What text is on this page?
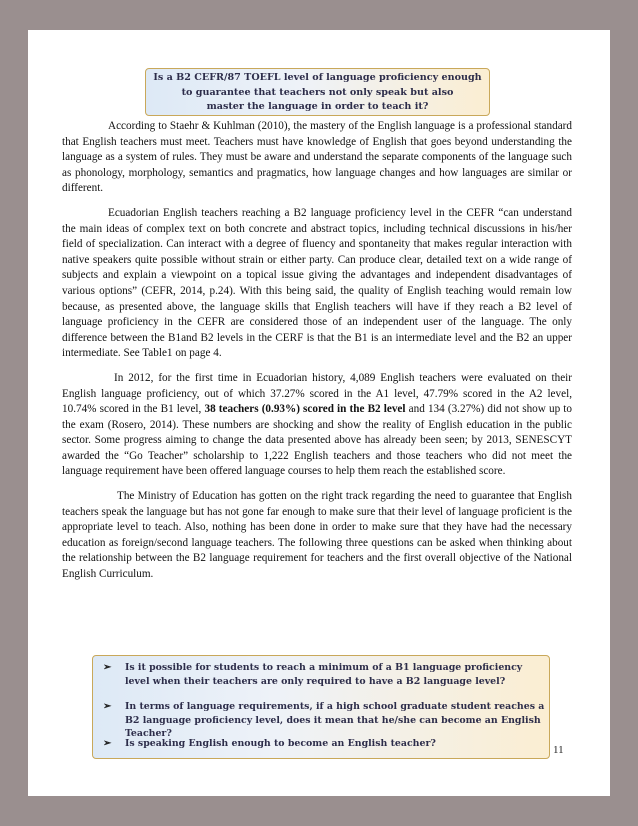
Is a B2 CEFR/87 TOEFL level of language proficiency enough
to guarantee that teachers not only speak but also
master the language in order to teach it?

According to Staehr & Kuhlman (2010), the mastery of the English language is a professional standard that English teachers must meet. Teachers must have knowledge of English that goes beyond understanding the language as a system of rules. They must be aware and understand the separate components of the language such as phonology, morphology, semantics and pragmatics, how language changes and how languages are similar or different.

Ecuadorian English teachers reaching a B2 language proficiency level in the CEFR “can understand the main ideas of complex text on both concrete and abstract topics, including technical discussions in his/her field of specialization. Can interact with a degree of fluency and spontaneity that makes regular interaction with native speakers quite possible without strain or either party. Can produce clear, detailed text on a wide range of subjects and explain a viewpoint on a topical issue giving the advantages and independent disadvantages of various options” (CEFR, 2014, p.24). With this being said, the quality of English teaching would remain low because, as presented above, the language skills that English teachers will have if they reach a B2 level of language proficiency in the CEFR are considered those of an independent user of the language. The only difference between the B1and B2 levels in the CERF is that the B1 is an intermediate level and the B2 an upper intermediate. See Table1 on page 4.

In 2012, for the first time in Ecuadorian history, 4,089 English teachers were evaluated on their English language proficiency, out of which 37.27% scored in the A1 level, 47.79% scored in the A2 level, 10.74% scored in the B1 level, 38 teachers (0.93%) scored in the B2 level and 134 (3.27%) did not show up to the exam (Rosero, 2014). These numbers are shocking and show the reality of English education in the public sector. Some progress aiming to change the data presented above has already been seen; by 2013, SENESCYT awarded the “Go Teacher” scholarship to 1,222 English teachers and those teachers who did not meet the language requirement have been offered language courses to help them reach the established score.

The Ministry of Education has gotten on the right track regarding the need to guarantee that English teachers speak the language but has not gone far enough to make sure that their level of language proficient is the appropriate level to teach. Also, nothing has been done in order to make sure that they have had the necessary education as foreign/second language teachers. The following three questions can be asked when thinking about the relationship between the B2 language requirement for teachers and the first overall objective of the National English Curriculum.

➢ Is it possible for students to reach a minimum of a B1 language proficiency level when their teachers are only required to have a B2 language level?
➢ In terms of language requirements, if a high school graduate student reaches a B2 language proficiency level, does it mean that he/she can become an English Teacher?
➢ Is speaking English enough to become an English teacher?
11
